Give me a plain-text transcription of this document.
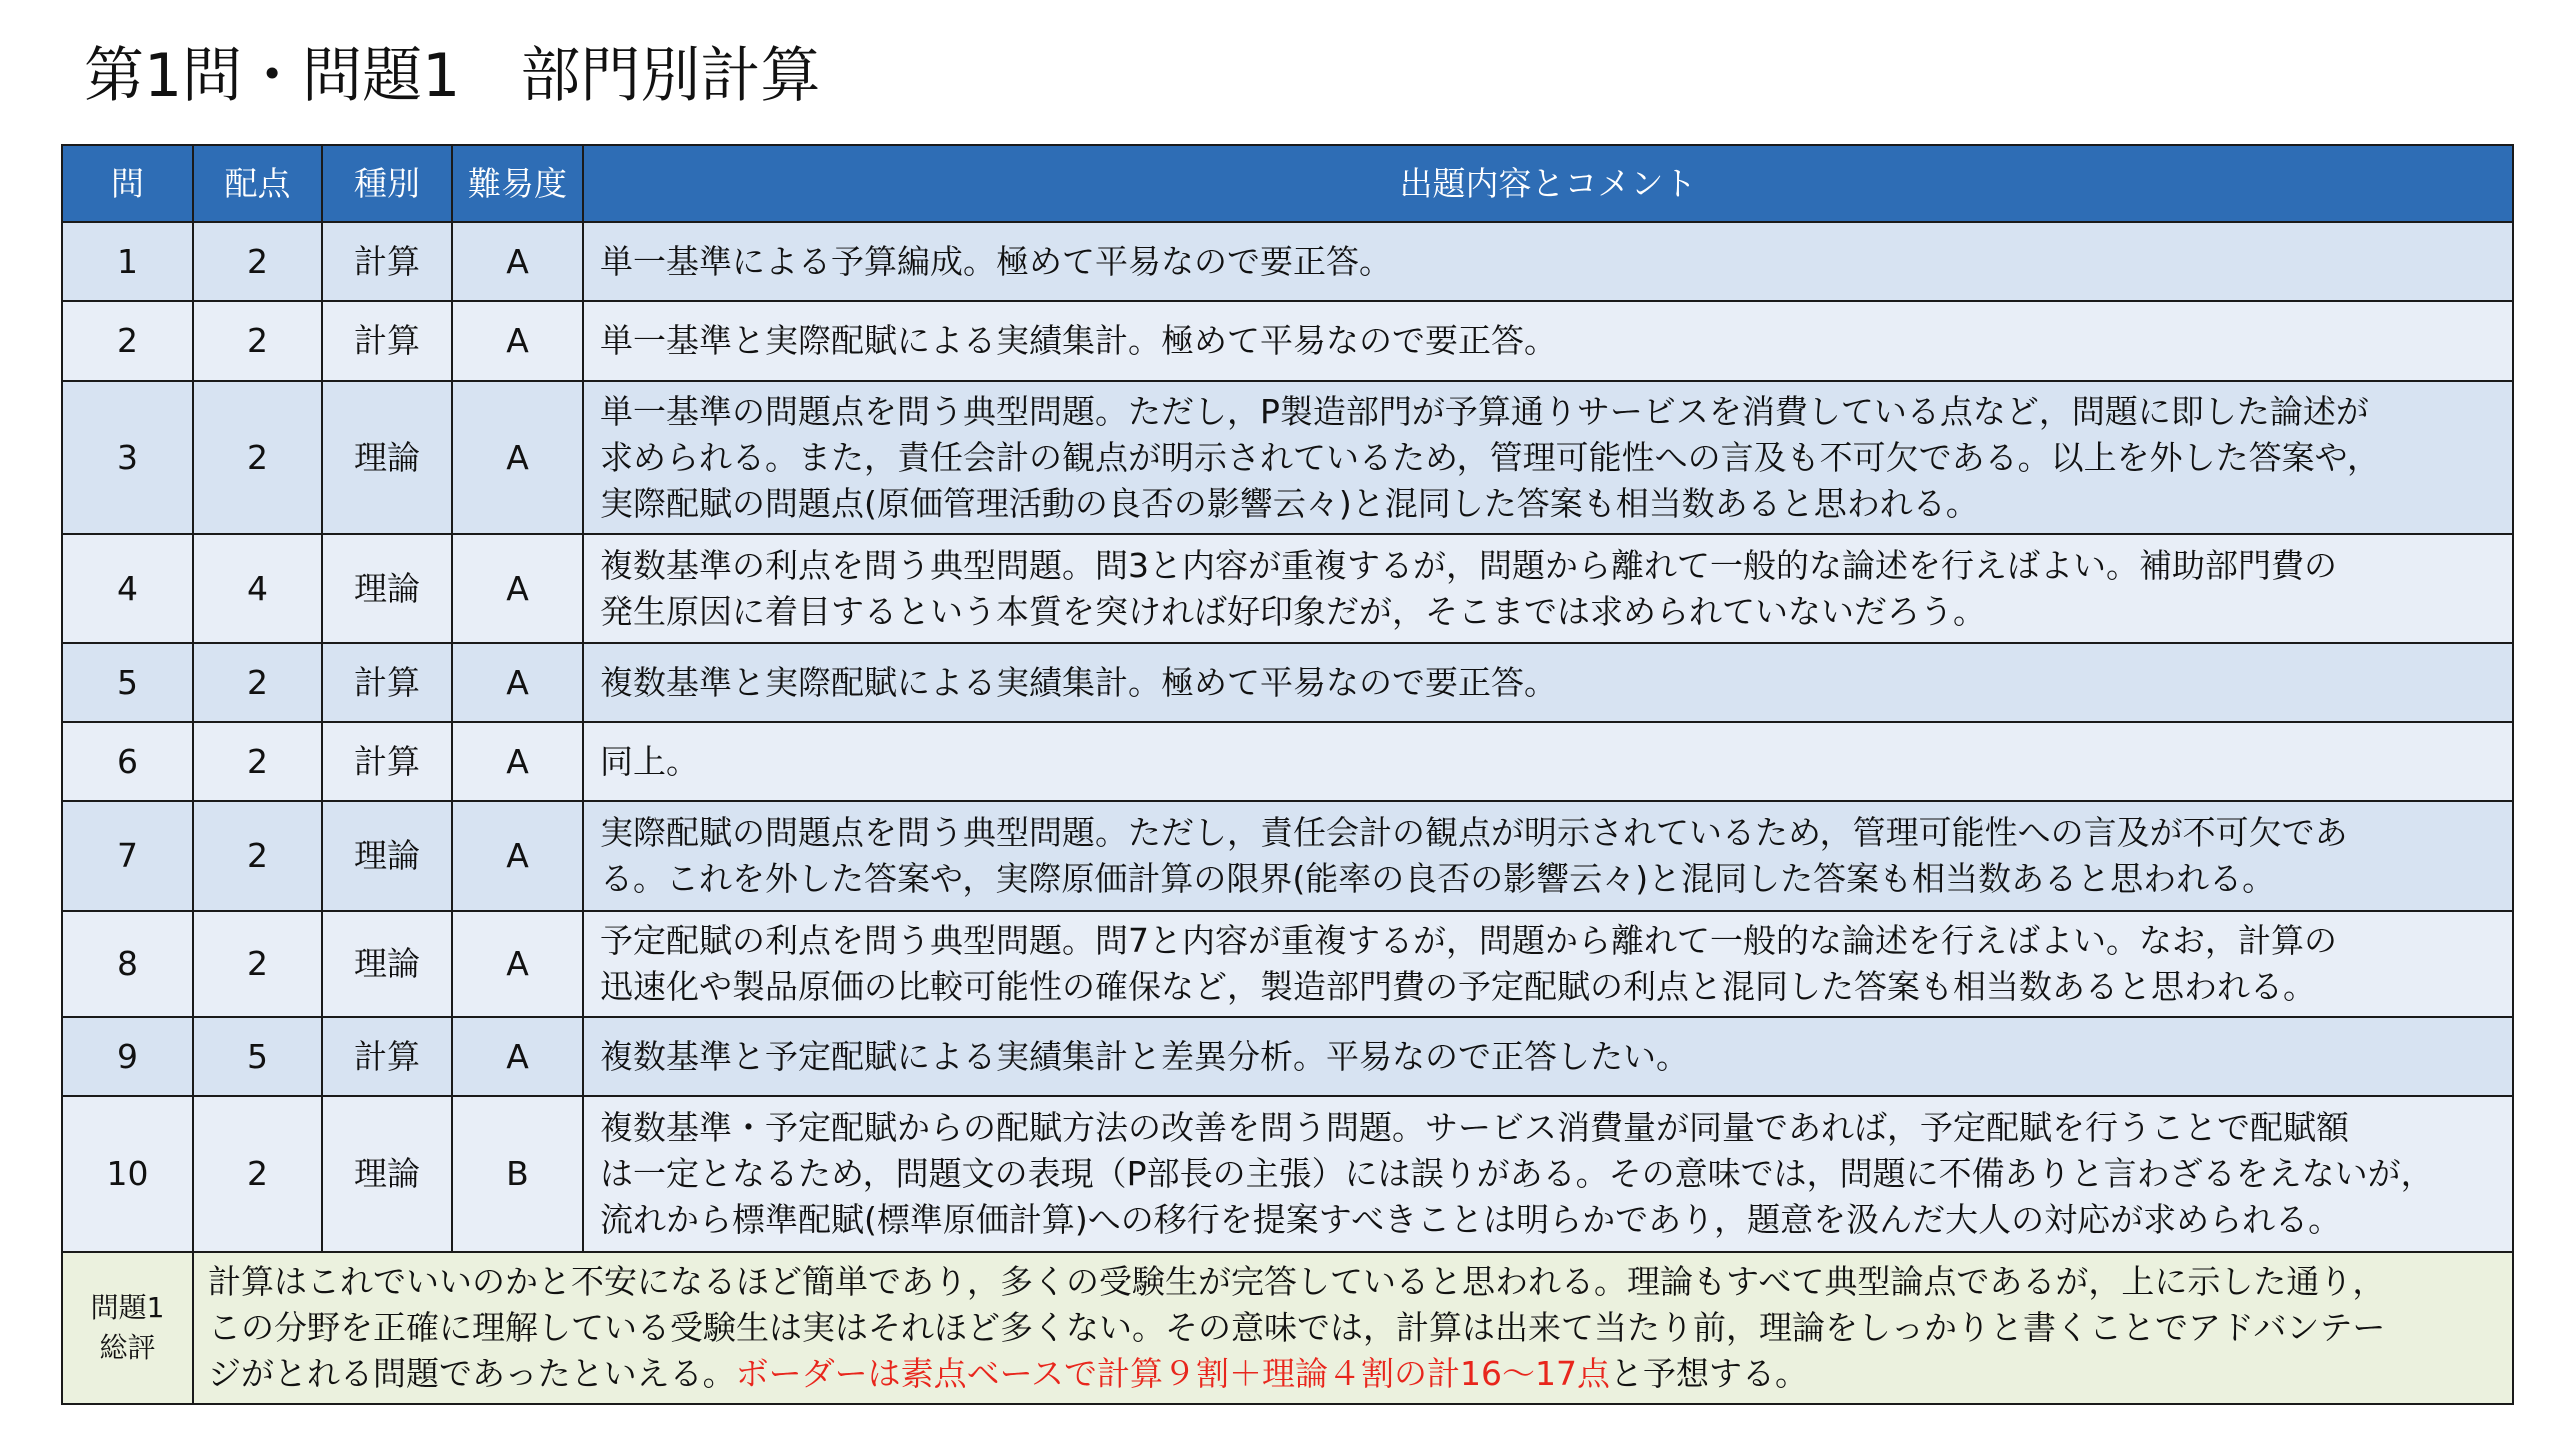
第1問・問題1　部門別計算
問	配点	種別	難易度	出題内容とコメント
1	2	計算	A	単一基準による予算編成。極めて平易なので要正答。

2	2	計算	A	単一基準と実際配賦による実績集計。極めて平易なので要正答。

3	2	理論	A	単一基準の問題点を問う典型問題。ただし，P製造部門が予算通りサービスを消費している点など，問題に即した論述が
求められる。また，責任会計の観点が明示されているため，管理可能性への言及も不可欠である。以上を外した答案や，
実際配賦の問題点(原価管理活動の良否の影響云々)と混同した答案も相当数あると思われる。

4	4	理論	A	複数基準の利点を問う典型問題。問3と内容が重複するが，問題から離れて一般的な論述を行えばよい。補助部門費の
発生原因に着目するという本質を突ければ好印象だが，そこまでは求められていないだろう。

5	2	計算	A	複数基準と実際配賦による実績集計。極めて平易なので要正答。

6	2	計算	A	同上。

7	2	理論	A	実際配賦の問題点を問う典型問題。ただし，責任会計の観点が明示されているため，管理可能性への言及が不可欠であ
る。これを外した答案や，実際原価計算の限界(能率の良否の影響云々)と混同した答案も相当数あると思われる。

8	2	理論	A	予定配賦の利点を問う典型問題。問7と内容が重複するが，問題から離れて一般的な論述を行えばよい。なお，計算の
迅速化や製品原価の比較可能性の確保など，製造部門費の予定配賦の利点と混同した答案も相当数あると思われる。

9	5	計算	A	複数基準と予定配賦による実績集計と差異分析。平易なので正答したい。

10	2	理論	B	複数基準・予定配賦からの配賦方法の改善を問う問題。サービス消費量が同量であれば，予定配賦を行うことで配賦額
は一定となるため，問題文の表現（P部長の主張）には誤りがある。その意味では，問題に不備ありと言わざるをえないが，
流れから標準配賦(標準原価計算)への移行を提案すべきことは明らかであり，題意を汲んだ大人の対応が求められる。

問題1
総評	計算はこれでいいのかと不安になるほど簡単であり，多くの受験生が完答していると思われる。理論もすべて典型論点であるが，上に示した通り，
この分野を正確に理解している受験生は実はそれほど多くない。その意味では，計算は出来て当たり前，理論をしっかりと書くことでアドバンテー
ジがとれる問題であったといえる。ボーダーは素点ベースで計算９割＋理論４割の計16～17点と予想する。			
